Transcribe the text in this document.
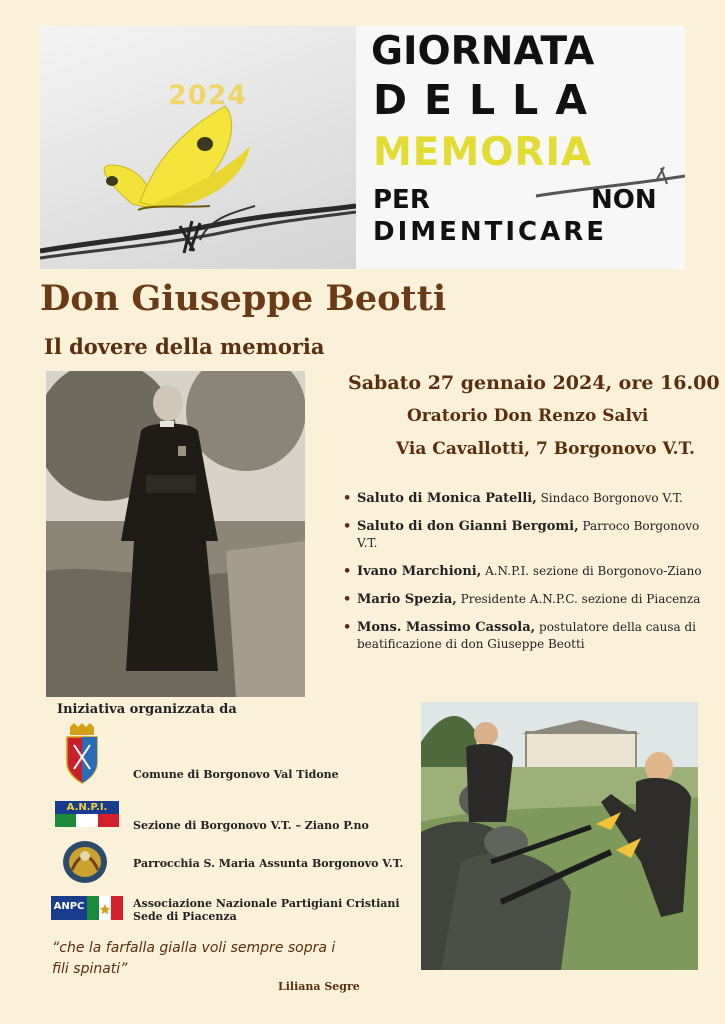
2024
GIORNATA
DELLA
MEMORIA
PER	NON
DIMENTICARE
Don Giuseppe Beotti
Il dovere della memoria
Sabato 27 gennaio 2024, ore 16.00
Oratorio Don Renzo Salvi
Via Cavallotti, 7 Borgonovo V.T.
• Saluto di Monica Patelli, Sindaco Borgonovo V.T.
• Saluto di don Gianni Bergomi, Parroco Borgonovo V.T.
• Ivano Marchioni, A.N.P.I. sezione di Borgonovo-Ziano
• Mario Spezia, Presidente A.N.P.C. sezione di Piacenza
• Mons. Massimo Cassola, postulatore della causa di beatificazione di don Giuseppe Beotti
Iniziativa organizzata da
Comune di Borgonovo Val Tidone
A.N.P.I.
Sezione di Borgonovo V.T. – Ziano P.no
Parrocchia S. Maria Assunta Borgonovo V.T.
ANPC	Associazione Nazionale Partigiani Cristiani
Sede di Piacenza
“che la farfalla gialla voli sempre sopra i fili spinati”
Liliana Segre
